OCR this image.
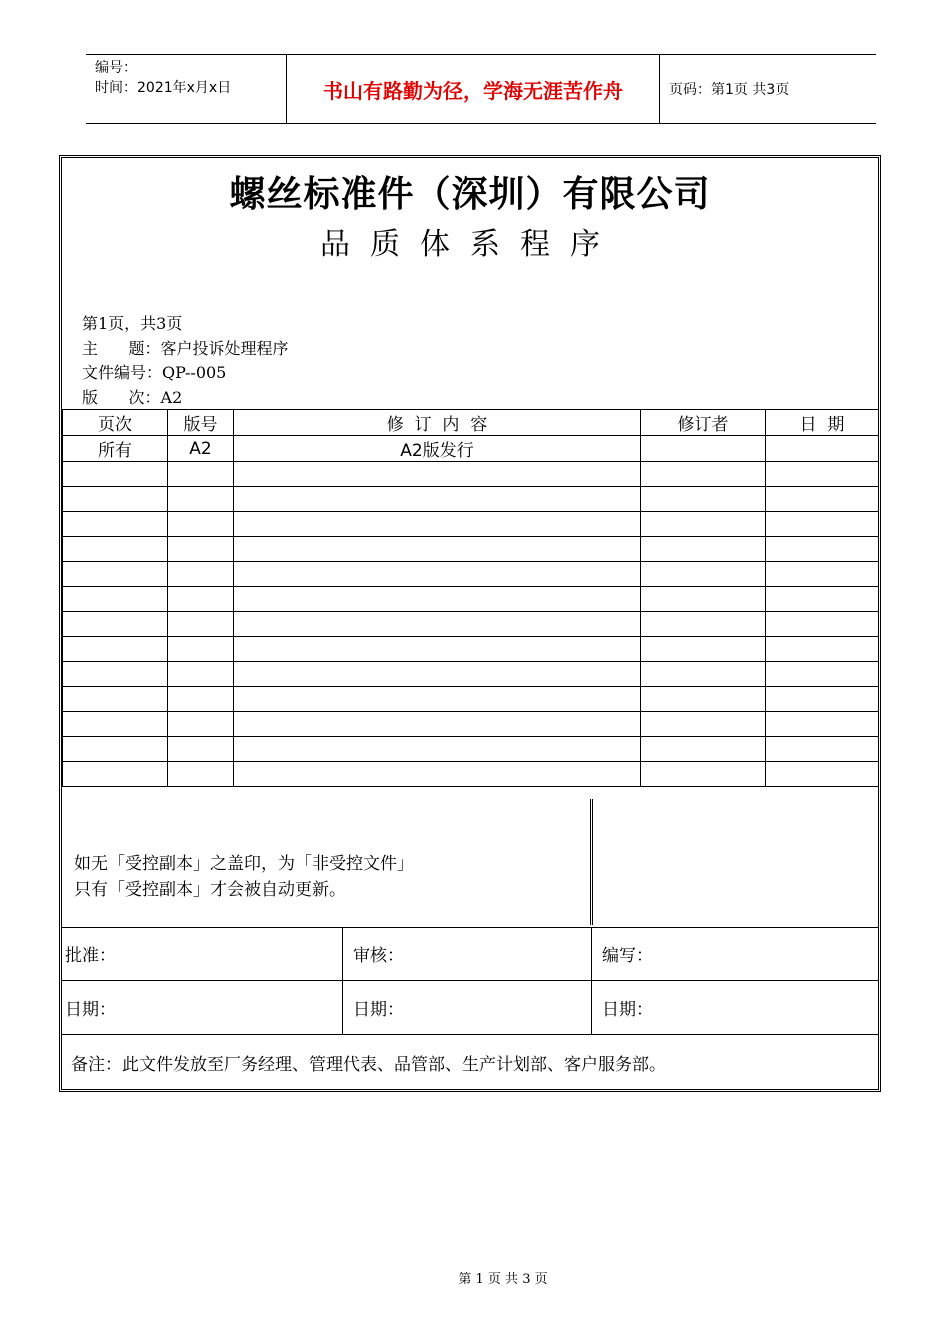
编号：
时间：2021年x月x日	书山有路勤为径，学海无涯苦作舟	页码：第1页 共3页
螺丝标准件（深圳）有限公司
品质体系程序
第1页，共3页
主      题：客户投诉处理程序
文件编号：QP--005
版      次：A2
页次	版号	修  订  内  容	修订者	日  期
所有	A2	A2版发行		

如无「受控副本」之盖印，为「非受控文件」
只有「受控副本」才会被自动更新。
批准：	审核：	编写：
日期：	日期：	日期：
备注：此文件发放至厂务经理、管理代表、品管部、生产计划部、客户服务部。
第 1 页 共 3 页
